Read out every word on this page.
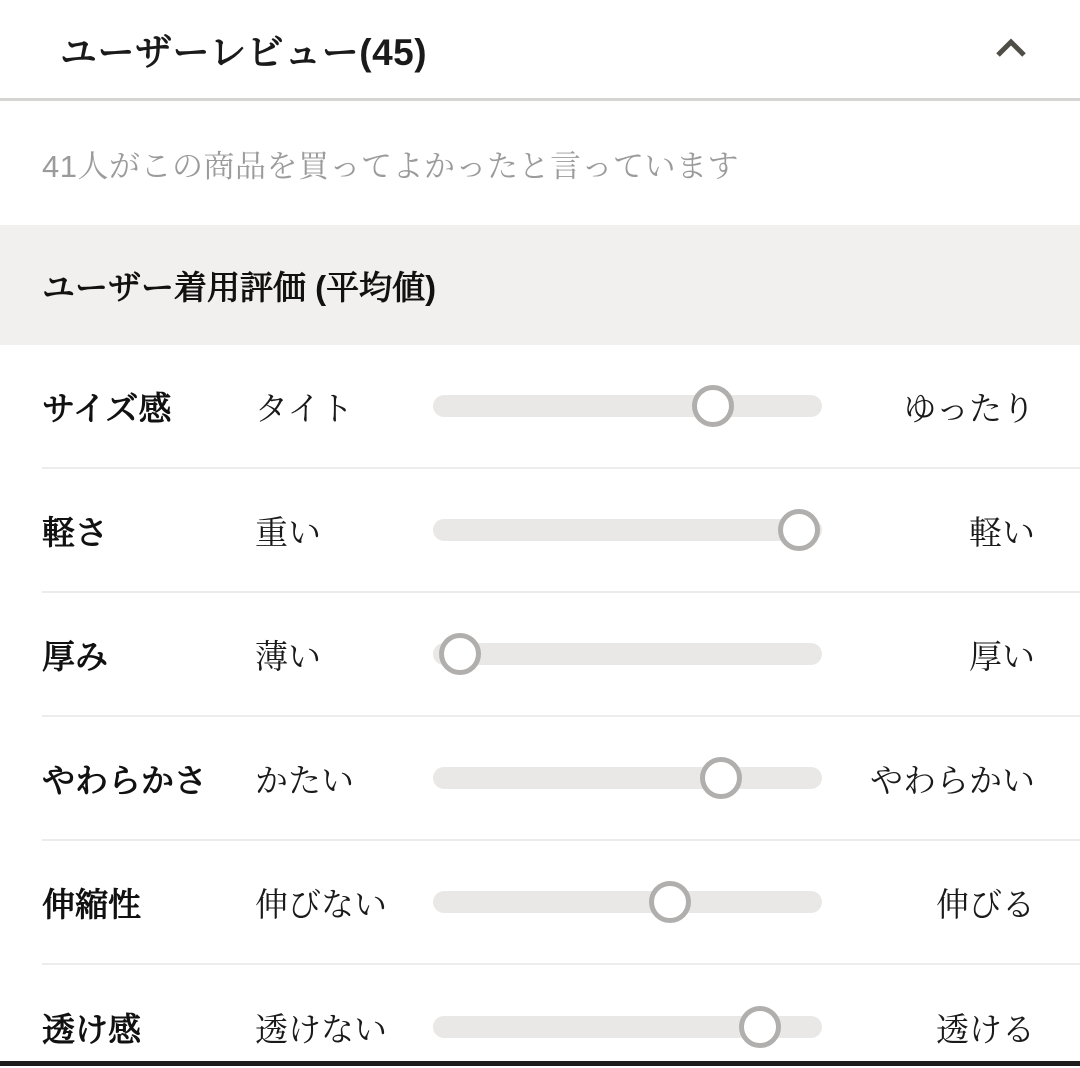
ユーザーレビュー(45)
41人がこの商品を買ってよかったと言っています
ユーザー着用評価 (平均値)
サイズ感	タイト	ゆったり
軽さ	重い	軽い
厚み	薄い	厚い
やわらかさ	かたい	やわらかい
伸縮性	伸びない	伸びる
透け感	透けない	透ける
